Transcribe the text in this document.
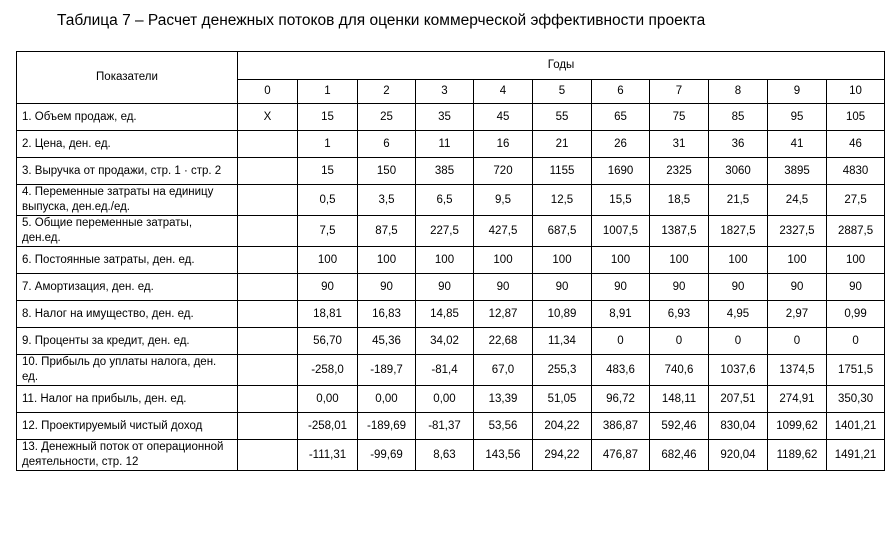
Таблица 7 – Расчет денежных потоков для оценки коммерческой эффективности проекта
Показатели	Годы										
	0	1	2	3	4	5	6	7	8	9	10
1. Объем продаж, ед.	Х	15	25	35	45	55	65	75	85	95	105
2. Цена, ден. ед.		1	6	11	16	21	26	31	36	41	46
3. Выручка от продажи, стр. 1 · стр. 2		15	150	385	720	1155	1690	2325	3060	3895	4830
4. Переменные затраты на единицу выпуска, ден.ед./ед.		0,5	3,5	6,5	9,5	12,5	15,5	18,5	21,5	24,5	27,5
5. Общие переменные затраты, ден.ед.		7,5	87,5	227,5	427,5	687,5	1007,5	1387,5	1827,5	2327,5	2887,5
6. Постоянные затраты, ден. ед.		100	100	100	100	100	100	100	100	100	100
7. Амортизация, ден. ед.		90	90	90	90	90	90	90	90	90	90
8. Налог на имущество, ден. ед.		18,81	16,83	14,85	12,87	10,89	8,91	6,93	4,95	2,97	0,99
9. Проценты за кредит, ден. ед.		56,70	45,36	34,02	22,68	11,34	0	0	0	0	0
10. Прибыль до уплаты налога, ден. ед.		-258,0	-189,7	-81,4	67,0	255,3	483,6	740,6	1037,6	1374,5	1751,5
11. Налог на прибыль, ден. ед.		0,00	0,00	0,00	13,39	51,05	96,72	148,11	207,51	274,91	350,30
12. Проектируемый чистый доход		-258,01	-189,69	-81,37	53,56	204,22	386,87	592,46	830,04	1099,62	1401,21
13. Денежный поток от операционной деятельности, стр. 12		-111,31	-99,69	8,63	143,56	294,22	476,87	682,46	920,04	1189,62	1491,21
